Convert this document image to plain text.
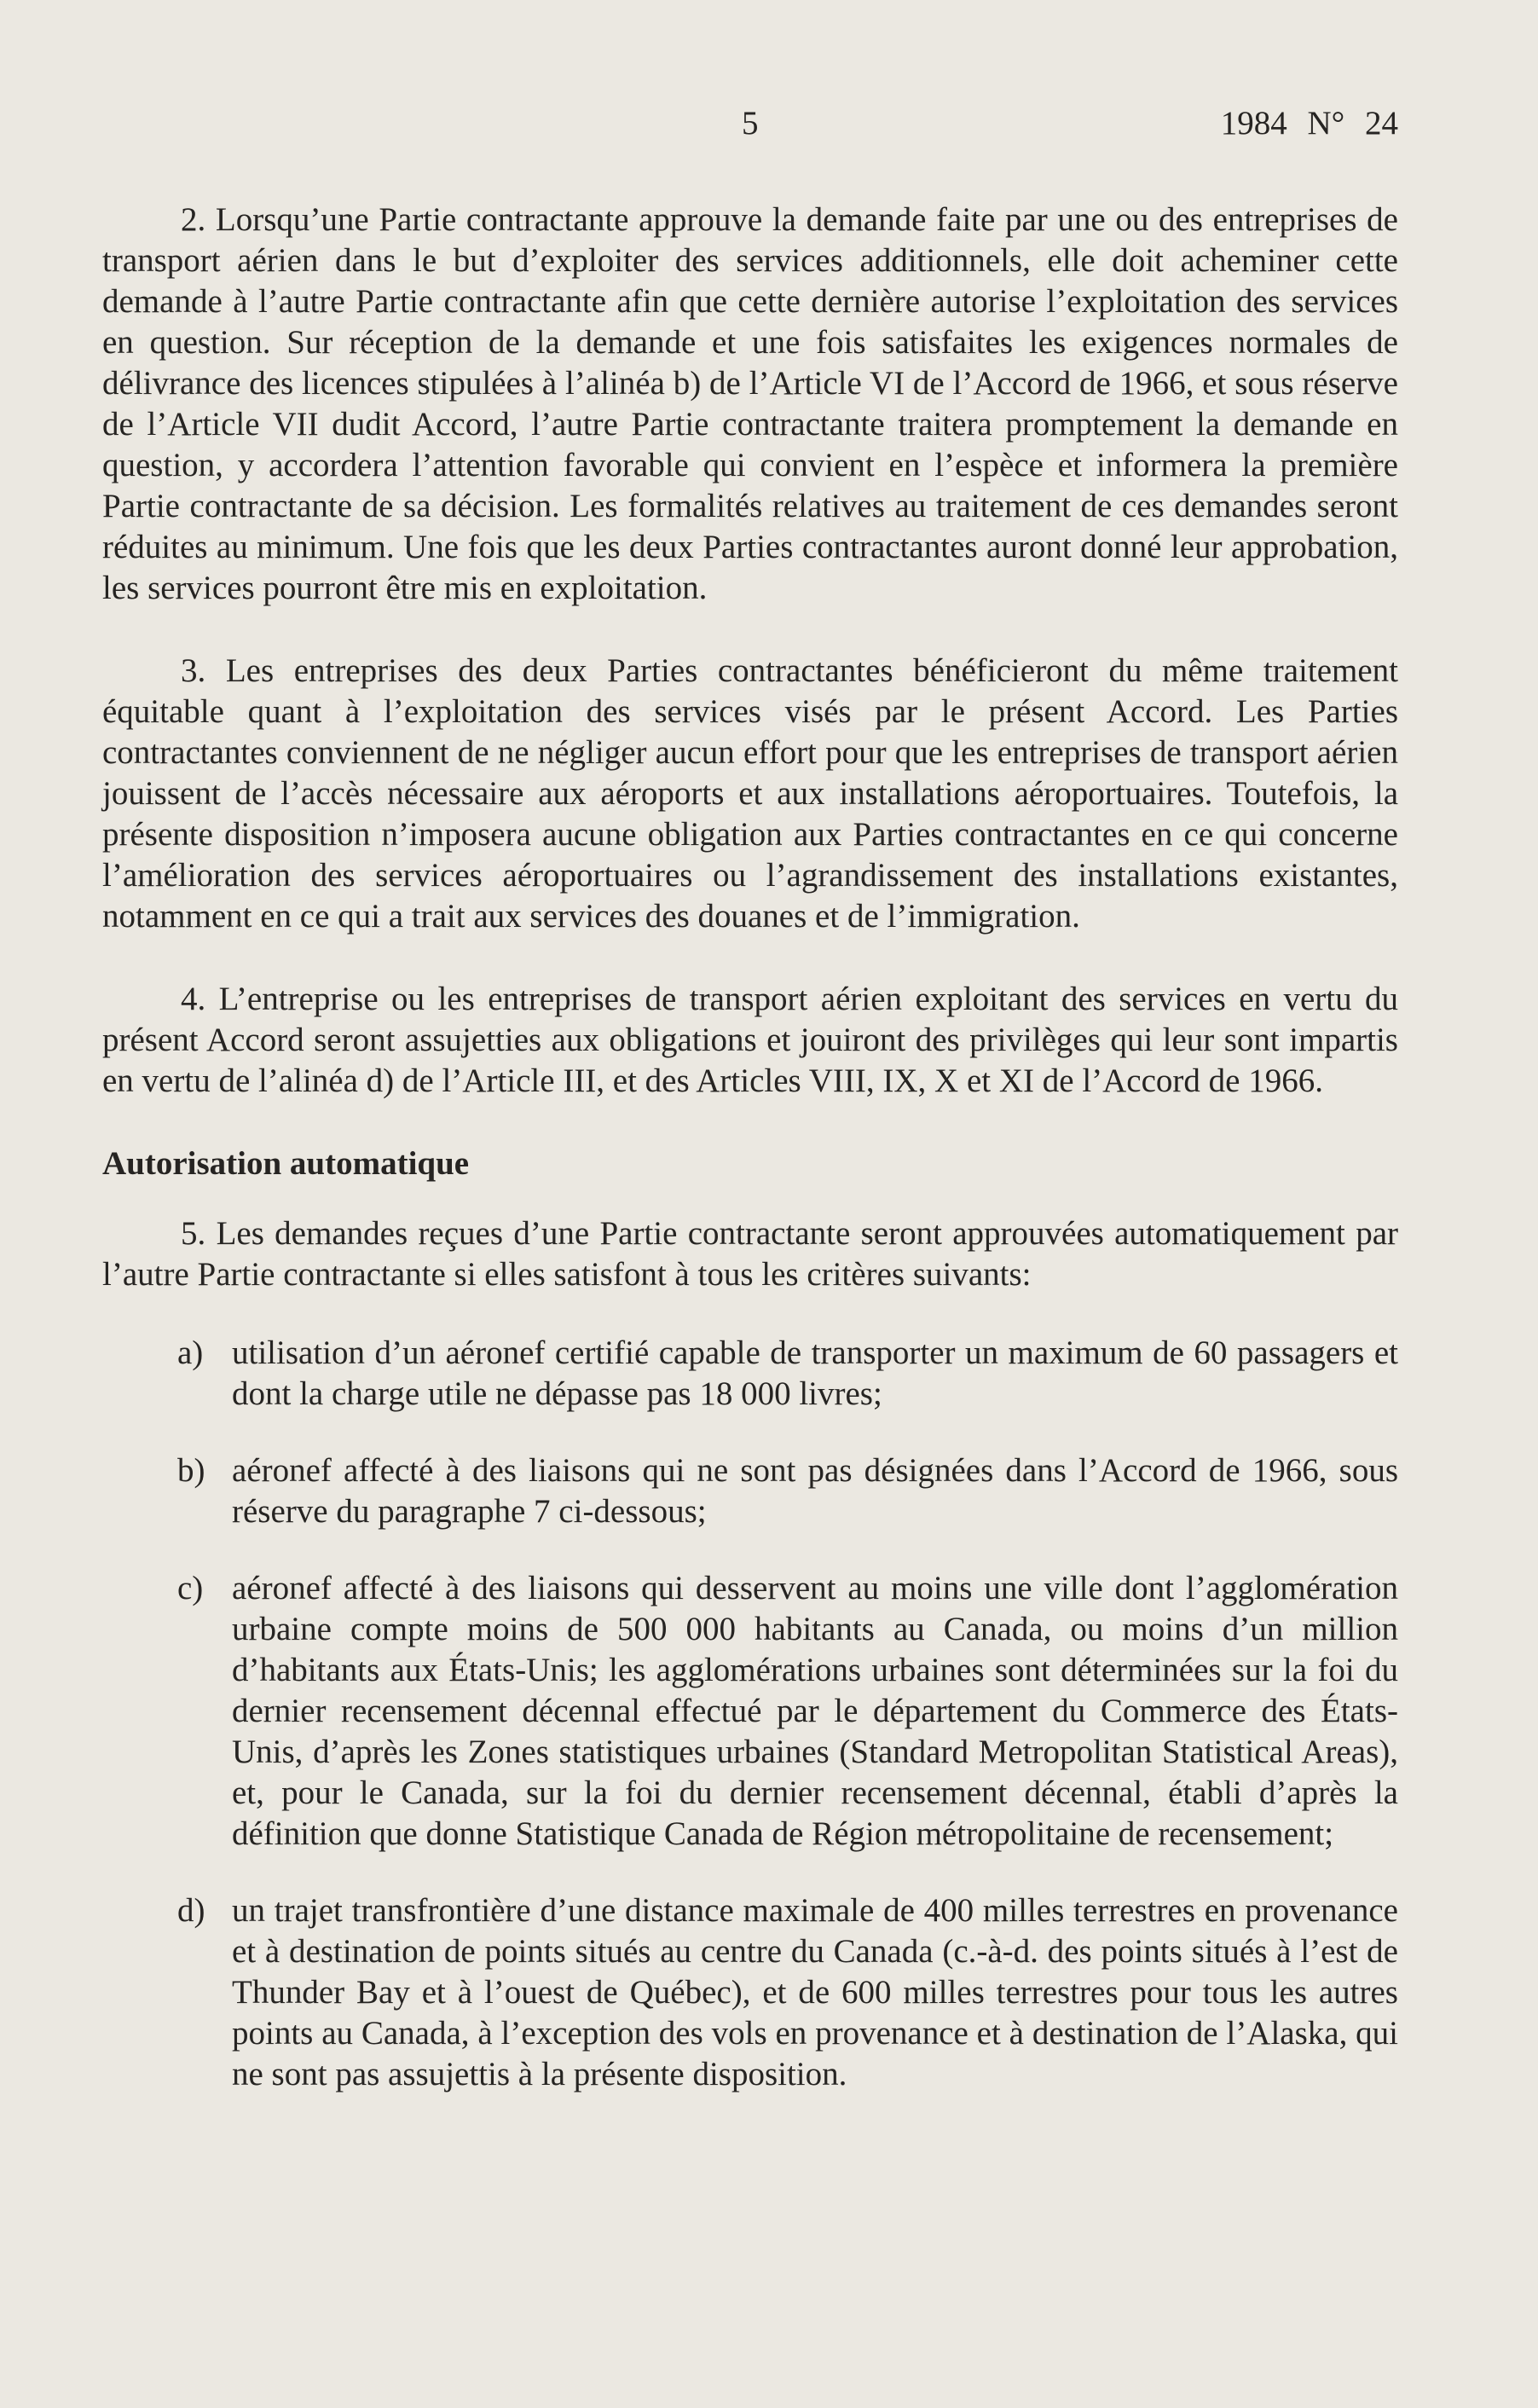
5	1984 N° 24

2. Lorsqu’une Partie contractante approuve la demande faite par une ou des entreprises de transport aérien dans le but d’exploiter des services additionnels, elle doit acheminer cette demande à l’autre Partie contractante afin que cette dernière autorise l’exploitation des services en question. Sur réception de la demande et une fois satisfaites les exigences normales de délivrance des licences stipulées à l’alinéa b) de l’Article VI de l’Accord de 1966, et sous réserve de l’Article VII dudit Accord, l’autre Partie contractante traitera promptement la demande en question, y accordera l’attention favorable qui convient en l’espèce et informera la première Partie contractante de sa décision. Les formalités relatives au traitement de ces demandes seront réduites au minimum. Une fois que les deux Parties contractantes auront donné leur approbation, les services pourront être mis en exploitation.

3. Les entreprises des deux Parties contractantes bénéficieront du même traitement équitable quant à l’exploitation des services visés par le présent Accord. Les Parties contractantes conviennent de ne négliger aucun effort pour que les entreprises de transport aérien jouissent de l’accès nécessaire aux aéroports et aux installations aéroportuaires. Toutefois, la présente disposition n’imposera aucune obligation aux Parties contractantes en ce qui concerne l’amélioration des services aéroportuaires ou l’agrandissement des installations existantes, notamment en ce qui a trait aux services des douanes et de l’immigration.

4. L’entreprise ou les entreprises de transport aérien exploitant des services en vertu du présent Accord seront assujetties aux obligations et jouiront des privilèges qui leur sont impartis en vertu de l’alinéa d) de l’Article III, et des Articles VIII, IX, X et XI de l’Accord de 1966.

Autorisation automatique

5. Les demandes reçues d’une Partie contractante seront approuvées automatiquement par l’autre Partie contractante si elles satisfont à tous les critères suivants:

a) utilisation d’un aéronef certifié capable de transporter un maximum de 60 passagers et dont la charge utile ne dépasse pas 18 000 livres;
b) aéronef affecté à des liaisons qui ne sont pas désignées dans l’Accord de 1966, sous réserve du paragraphe 7 ci-dessous;
c) aéronef affecté à des liaisons qui desservent au moins une ville dont l’agglomération urbaine compte moins de 500 000 habitants au Canada, ou moins d’un million d’habitants aux États-Unis; les agglomérations urbaines sont déterminées sur la foi du dernier recensement décennal effectué par le département du Commerce des États-Unis, d’après les Zones statistiques urbaines (Standard Metropolitan Statistical Areas), et, pour le Canada, sur la foi du dernier recensement décennal, établi d’après la définition que donne Statistique Canada de Région métropolitaine de recensement;
d) un trajet transfrontière d’une distance maximale de 400 milles terrestres en provenance et à destination de points situés au centre du Canada (c.-à-d. des points situés à l’est de Thunder Bay et à l’ouest de Québec), et de 600 milles terrestres pour tous les autres points au Canada, à l’exception des vols en provenance et à destination de l’Alaska, qui ne sont pas assujettis à la présente disposition.
